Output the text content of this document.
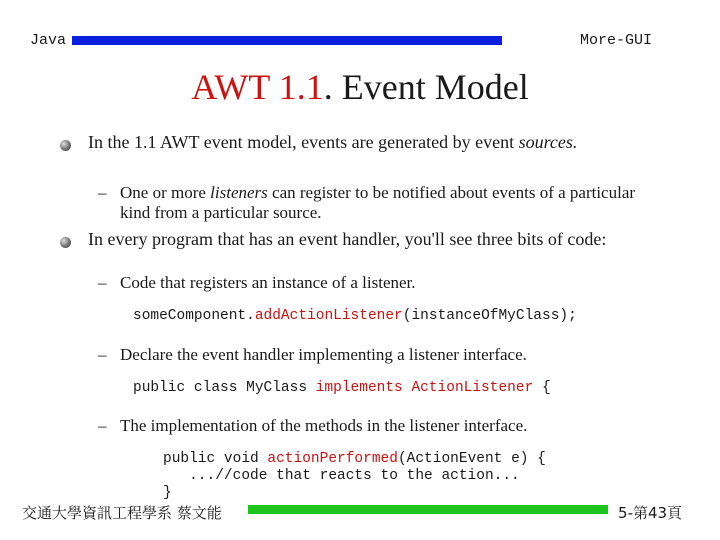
Java	More-GUI
AWT 1.1. Event Model
In the 1.1 AWT event model, events are generated by event sources.
– One or more listeners can register to be notified about events of a particular kind from a particular source.
In every program that has an event handler, you'll see three bits of code:
– Code that registers an instance of a listener.
someComponent.addActionListener(instanceOfMyClass);
– Declare the event handler implementing a listener interface.
public class MyClass implements ActionListener {
– The implementation of the methods in the listener interface.
public void actionPerformed(ActionEvent e) {
...//code that reacts to the action...
}
交通大學資訊工程學系 蔡文能	5-第43頁
